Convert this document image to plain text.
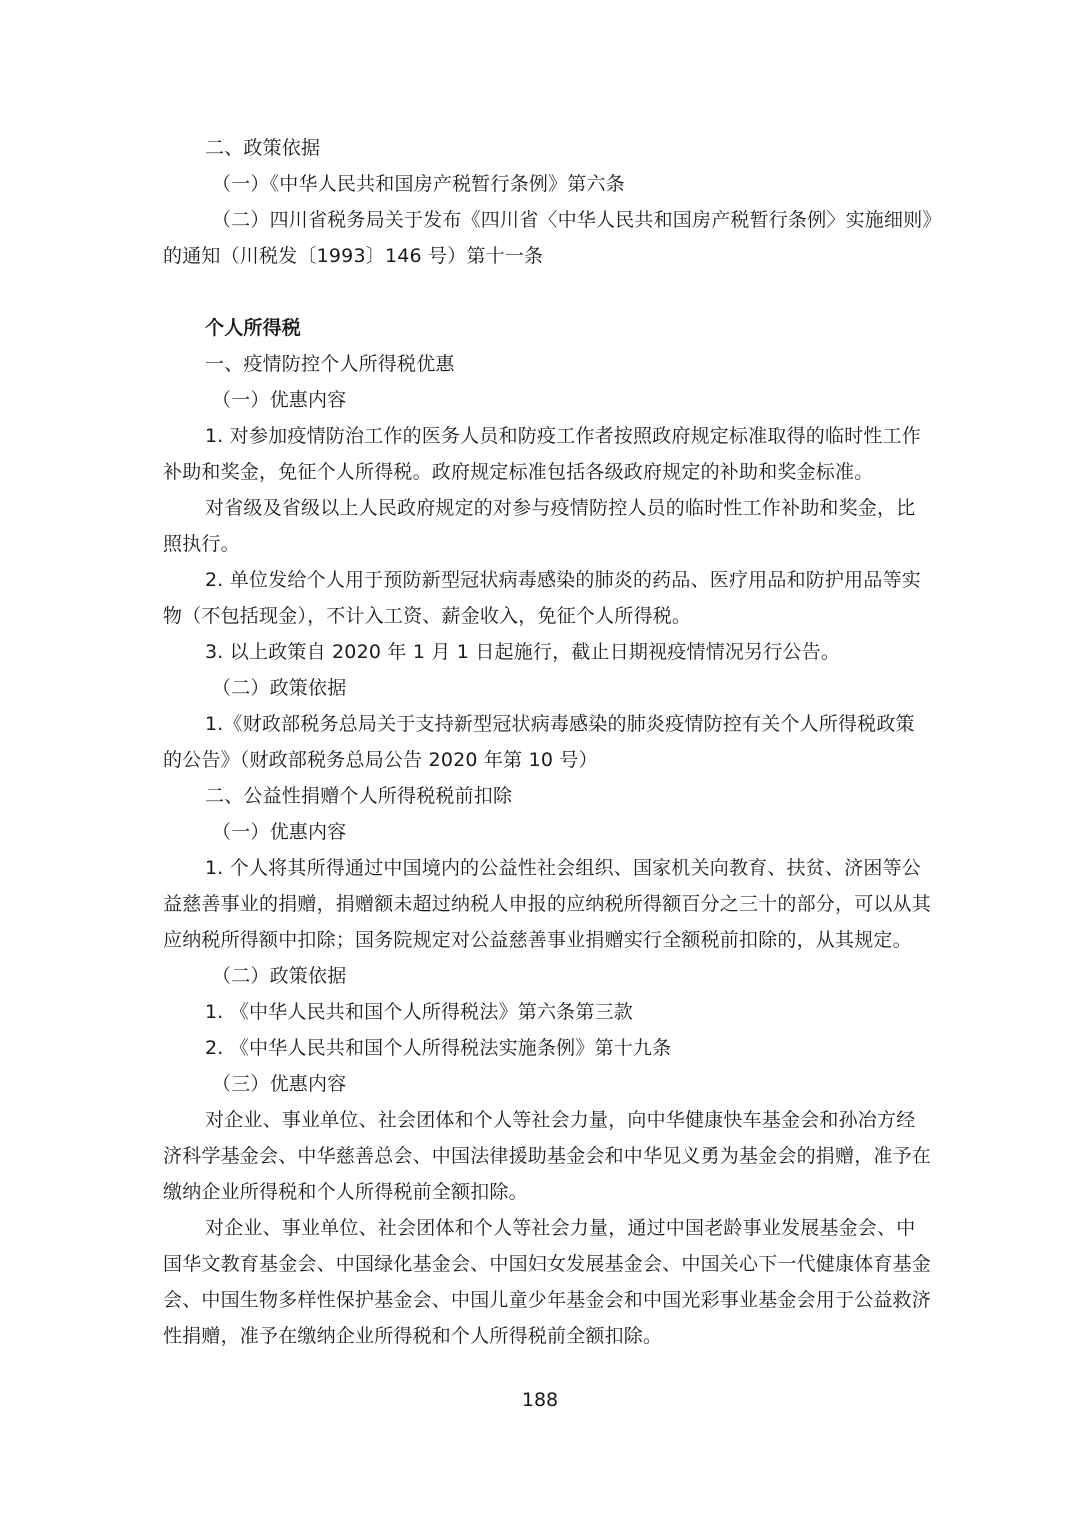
二、政策依据
（一）《中华人民共和国房产税暂行条例》第六条
（二）四川省税务局关于发布《四川省〈中华人民共和国房产税暂行条例〉实施细则》
的通知（川税发〔1993〕146 号）第十一条
个人所得税
一、疫情防控个人所得税优惠
（一）优惠内容
1. 对参加疫情防治工作的医务人员和防疫工作者按照政府规定标准取得的临时性工作
补助和奖金，免征个人所得税。政府规定标准包括各级政府规定的补助和奖金标准。
对省级及省级以上人民政府规定的对参与疫情防控人员的临时性工作补助和奖金，比
照执行。
2. 单位发给个人用于预防新型冠状病毒感染的肺炎的药品、医疗用品和防护用品等实
物（不包括现金），不计入工资、薪金收入，免征个人所得税。
3. 以上政策自 2020 年 1 月 1 日起施行，截止日期视疫情情况另行公告。
（二）政策依据
1.《财政部税务总局关于支持新型冠状病毒感染的肺炎疫情防控有关个人所得税政策
的公告》（财政部税务总局公告 2020 年第 10 号）
二、公益性捐赠个人所得税税前扣除
（一）优惠内容
1. 个人将其所得通过中国境内的公益性社会组织、国家机关向教育、扶贫、济困等公
益慈善事业的捐赠，捐赠额未超过纳税人申报的应纳税所得额百分之三十的部分，可以从其
应纳税所得额中扣除；国务院规定对公益慈善事业捐赠实行全额税前扣除的，从其规定。
（二）政策依据
1. 《中华人民共和国个人所得税法》第六条第三款
2. 《中华人民共和国个人所得税法实施条例》第十九条
（三）优惠内容
对企业、事业单位、社会团体和个人等社会力量，向中华健康快车基金会和孙冶方经
济科学基金会、中华慈善总会、中国法律援助基金会和中华见义勇为基金会的捐赠，准予在
缴纳企业所得税和个人所得税前全额扣除。
对企业、事业单位、社会团体和个人等社会力量，通过中国老龄事业发展基金会、中
国华文教育基金会、中国绿化基金会、中国妇女发展基金会、中国关心下一代健康体育基金
会、中国生物多样性保护基金会、中国儿童少年基金会和中国光彩事业基金会用于公益救济
性捐赠，准予在缴纳企业所得税和个人所得税前全额扣除。
188
